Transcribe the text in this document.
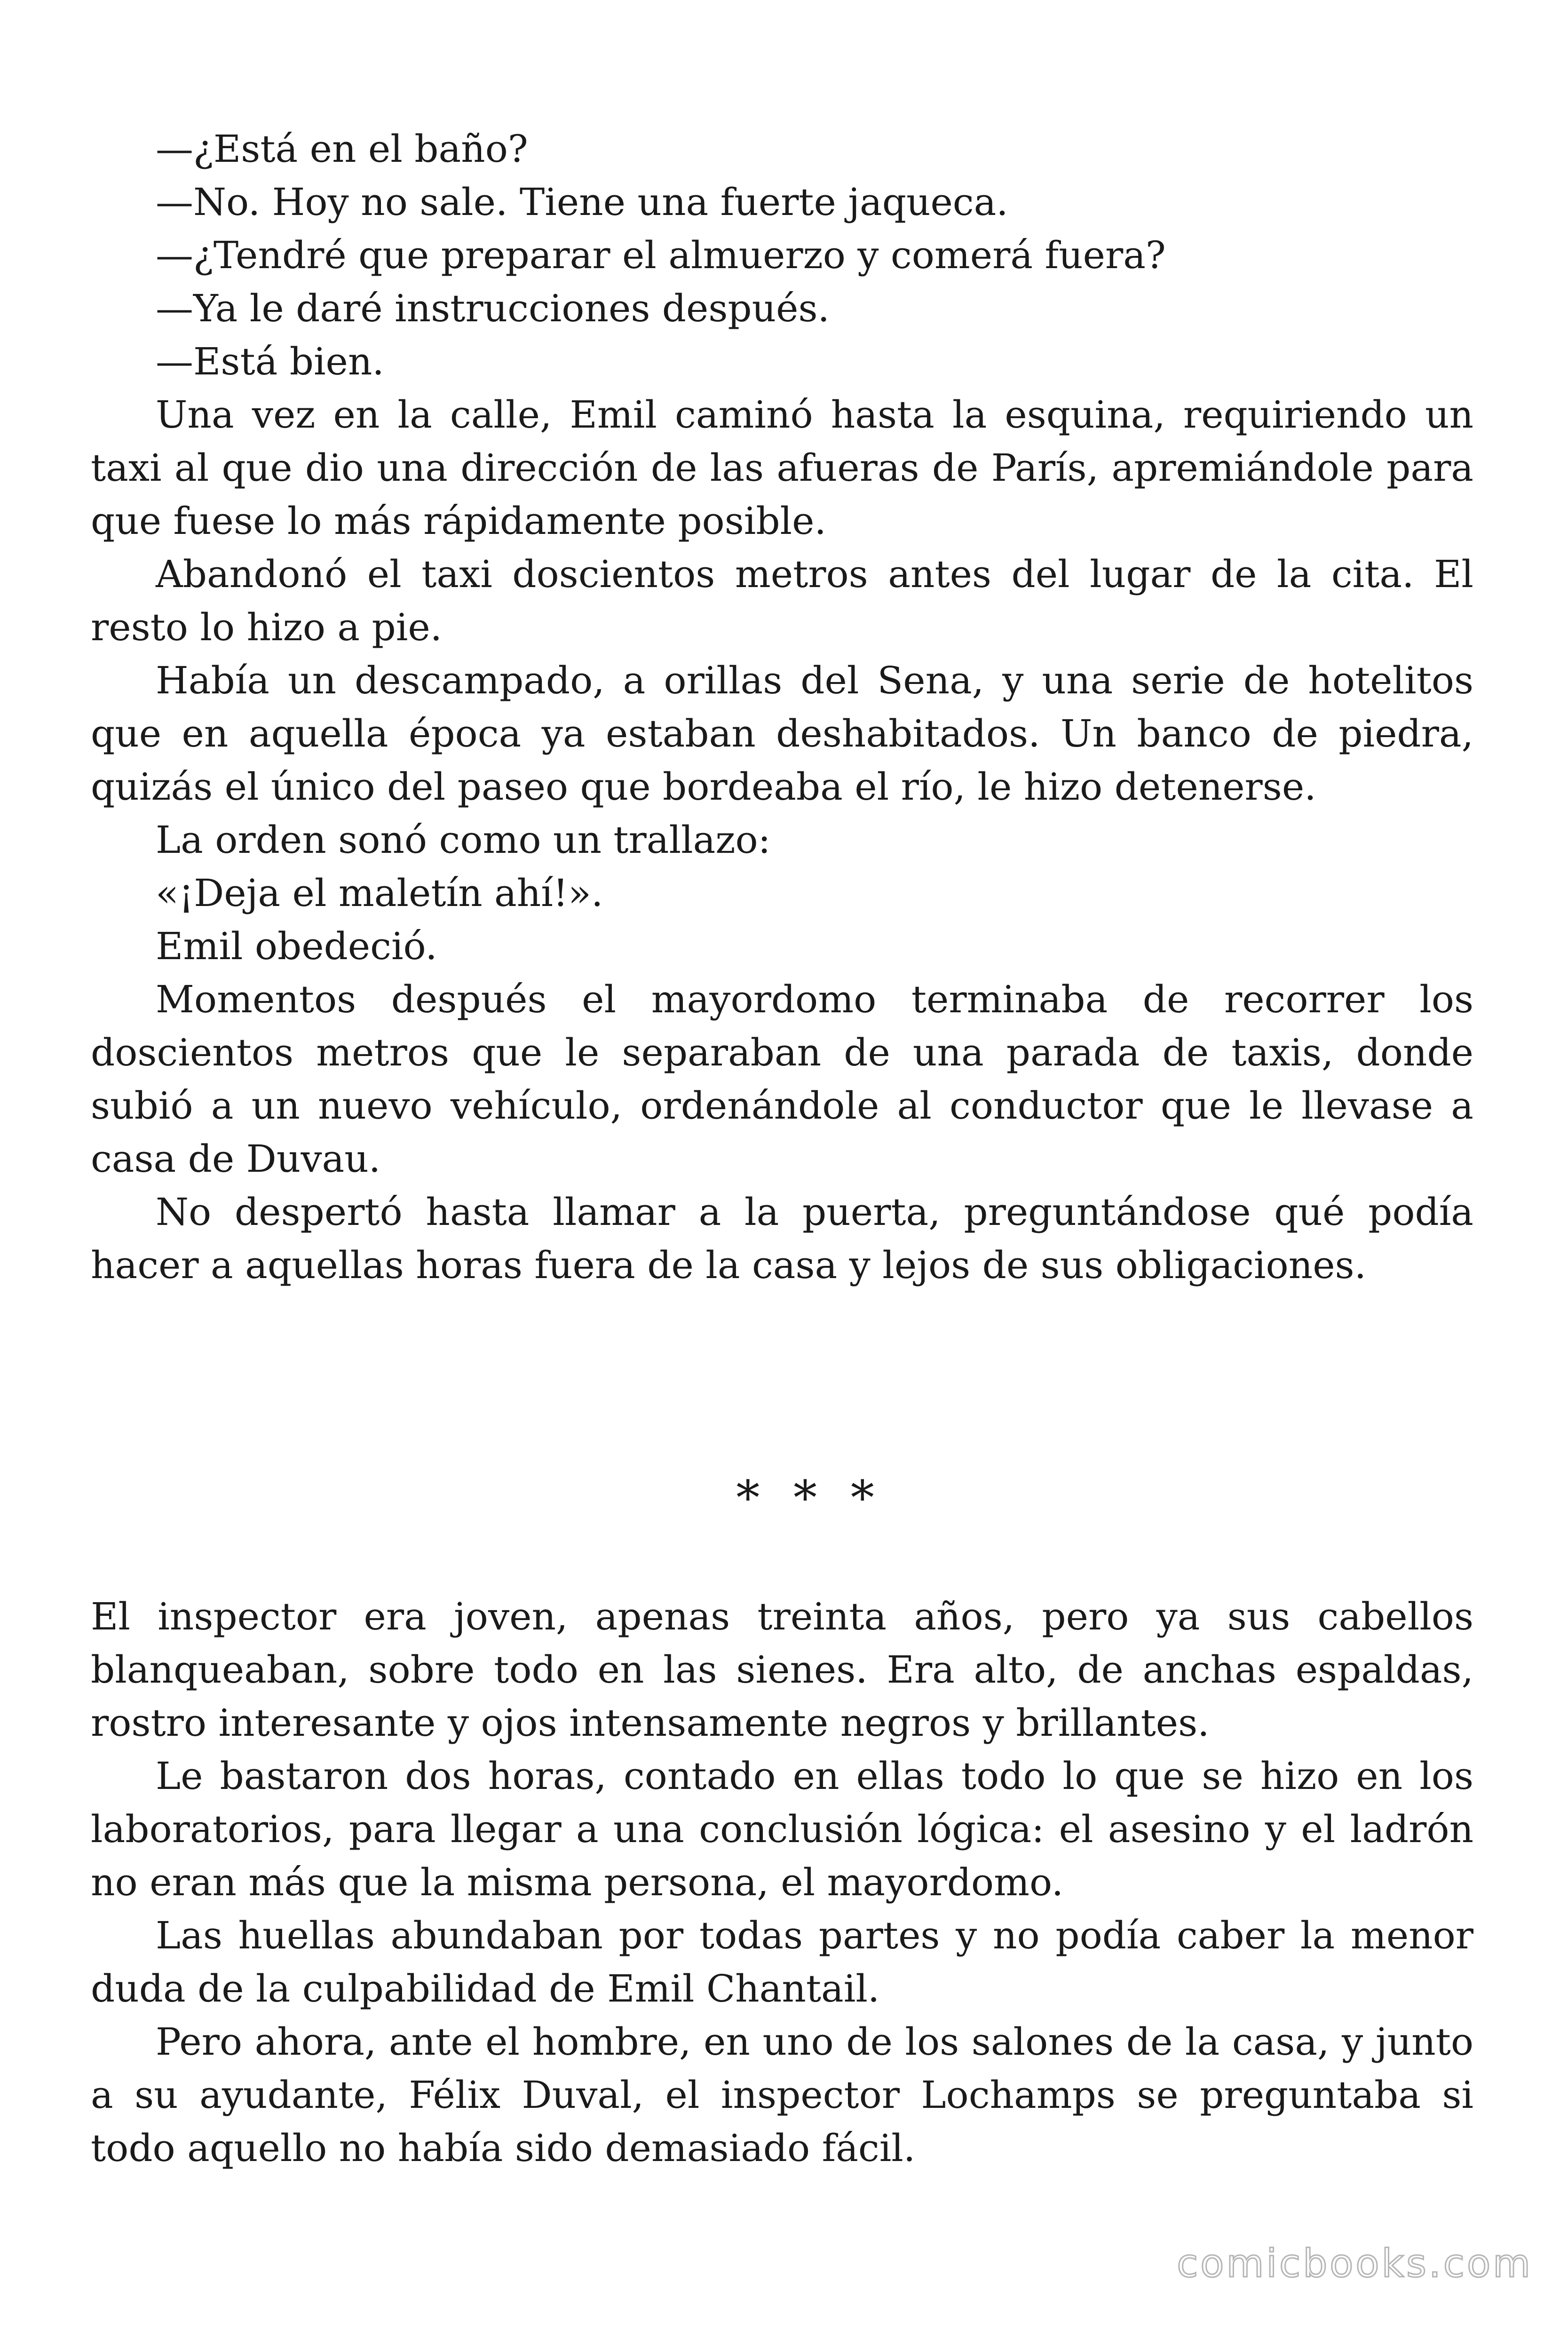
—¿Está en el baño?

—No. Hoy no sale. Tiene una fuerte jaqueca.

—¿Tendré que preparar el almuerzo y comerá fuera?

—Ya le daré instrucciones después.

—Está bien.

Una vez en la calle, Emil caminó hasta la esquina, requiriendo un taxi al que dio una dirección de las afueras de París, apremiándole para que fuese lo más rápidamente posible.

Abandonó el taxi doscientos metros antes del lugar de la cita. El resto lo hizo a pie.

Había un descampado, a orillas del Sena, y una serie de hotelitos que en aquella época ya estaban deshabitados. Un banco de piedra, quizás el único del paseo que bordeaba el río, le hizo detenerse.

La orden sonó como un trallazo:

«¡Deja el maletín ahí!».

Emil obedeció.

Momentos después el mayordomo terminaba de recorrer los doscientos metros que le separaban de una parada de taxis, donde subió a un nuevo vehículo, ordenándole al conductor que le llevase a casa de Duvau.

No despertó hasta llamar a la puerta, preguntándose qué podía hacer a aquellas horas fuera de la casa y lejos de sus obligaciones.

* * *

El inspector era joven, apenas treinta años, pero ya sus cabellos blanqueaban, sobre todo en las sienes. Era alto, de anchas espaldas, rostro interesante y ojos intensamente negros y brillantes.

Le bastaron dos horas, contado en ellas todo lo que se hizo en los laboratorios, para llegar a una conclusión lógica: el asesino y el ladrón no eran más que la misma persona, el mayordomo.

Las huellas abundaban por todas partes y no podía caber la menor duda de la culpabilidad de Emil Chantail.

Pero ahora, ante el hombre, en uno de los salones de la casa, y junto a su ayudante, Félix Duval, el inspector Lochamps se preguntaba si todo aquello no había sido demasiado fácil.

comicbooks.com
